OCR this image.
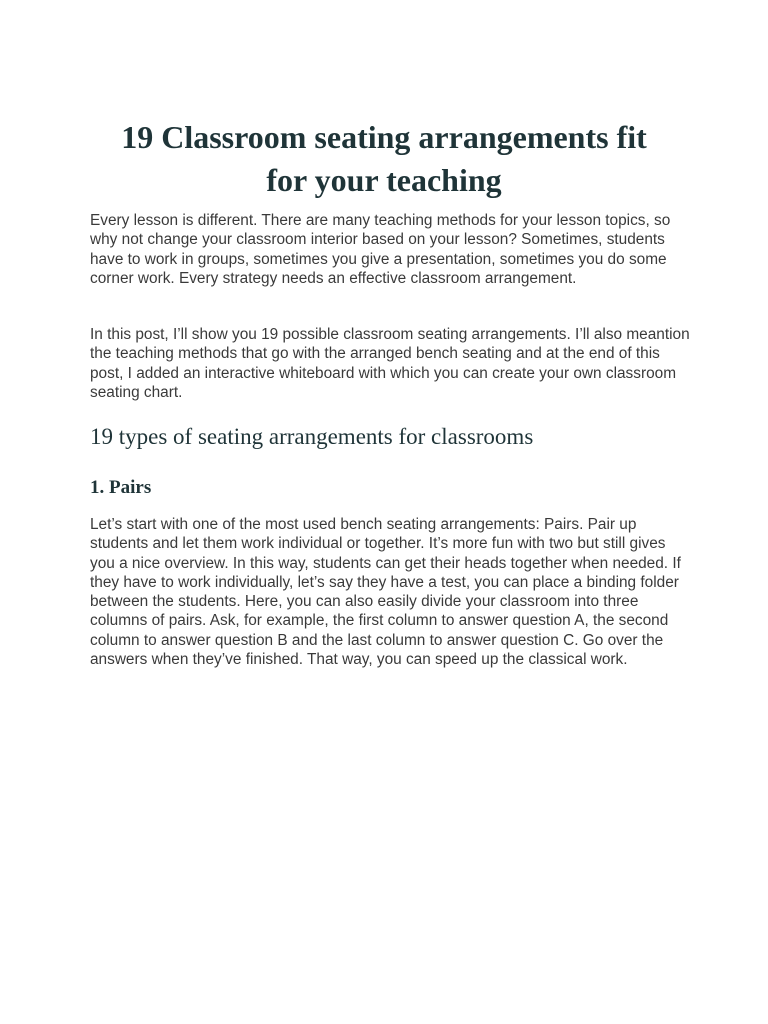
19 Classroom seating arrangements fit
for your teaching

Every lesson is different. There are many teaching methods for your lesson topics, so why not change your classroom interior based on your lesson? Sometimes, students have to work in groups, sometimes you give a presentation, sometimes you do some corner work. Every strategy needs an effective classroom arrangement.

In this post, I’ll show you 19 possible classroom seating arrangements. I’ll also meantion the teaching methods that go with the arranged bench seating and at the end of this post, I added an interactive whiteboard with which you can create your own classroom seating chart.

19 types of seating arrangements for classrooms
1. Pairs

Let’s start with one of the most used bench seating arrangements: Pairs. Pair up students and let them work individual or together. It’s more fun with two but still gives you a nice overview. In this way, students can get their heads together when needed. If they have to work individually, let’s say they have a test, you can place a binding folder between the students. Here, you can also easily divide your classroom into three columns of pairs. Ask, for example, the first column to answer question A, the second column to answer question B and the last column to answer question C. Go over the answers when they’ve finished. That way, you can speed up the classical work.
